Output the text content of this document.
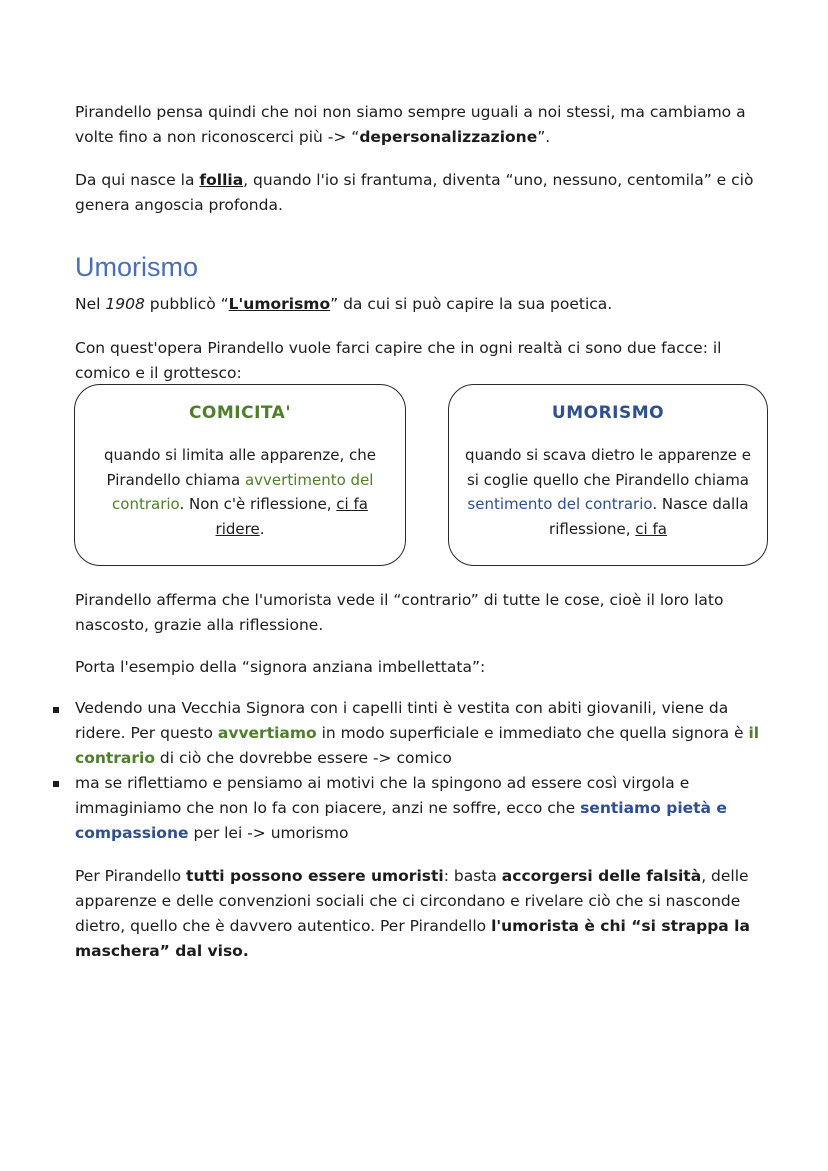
Pirandello pensa quindi che noi non siamo sempre uguali a noi stessi, ma cambiamo a volte fino a non riconoscerci più -> “depersonalizzazione”.

Da qui nasce la follia, quando l'io si frantuma, diventa “uno, nessuno, centomila” e ciò genera angoscia profonda.

Umorismo

Nel 1908 pubblicò “L'umorismo” da cui si può capire la sua poetica.

Con quest'opera Pirandello vuole farci capire che in ogni realtà ci sono due facce: il comico e il grottesco:

COMICITA'
quando si limita alle apparenze, che Pirandello chiama avvertimento del contrario. Non c'è riflessione, ci fa ridere.
UMORISMO
quando si scava dietro le apparenze e si coglie quello che Pirandello chiama sentimento del contrario. Nasce dalla riflessione, ci fa

Pirandello afferma che l'umorista vede il “contrario” di tutte le cose, cioè il loro lato nascosto, grazie alla riflessione.

Porta l'esempio della “signora anziana imbellettata”:

Vedendo una Vecchia Signora con i capelli tinti è vestita con abiti giovanili, viene da ridere. Per questo avvertiamo in modo superficiale e immediato che quella signora è il contrario di ciò che dovrebbe essere -> comico

ma se riflettiamo e pensiamo ai motivi che la spingono ad essere così virgola e immaginiamo che non lo fa con piacere, anzi ne soffre, ecco che sentiamo pietà e compassione per lei -> umorismo

Per Pirandello tutti possono essere umoristi: basta accorgersi delle falsità, delle apparenze e delle convenzioni sociali che ci circondano e rivelare ciò che si nasconde dietro, quello che è davvero autentico. Per Pirandello l'umorista è chi “si strappa la maschera” dal viso.
